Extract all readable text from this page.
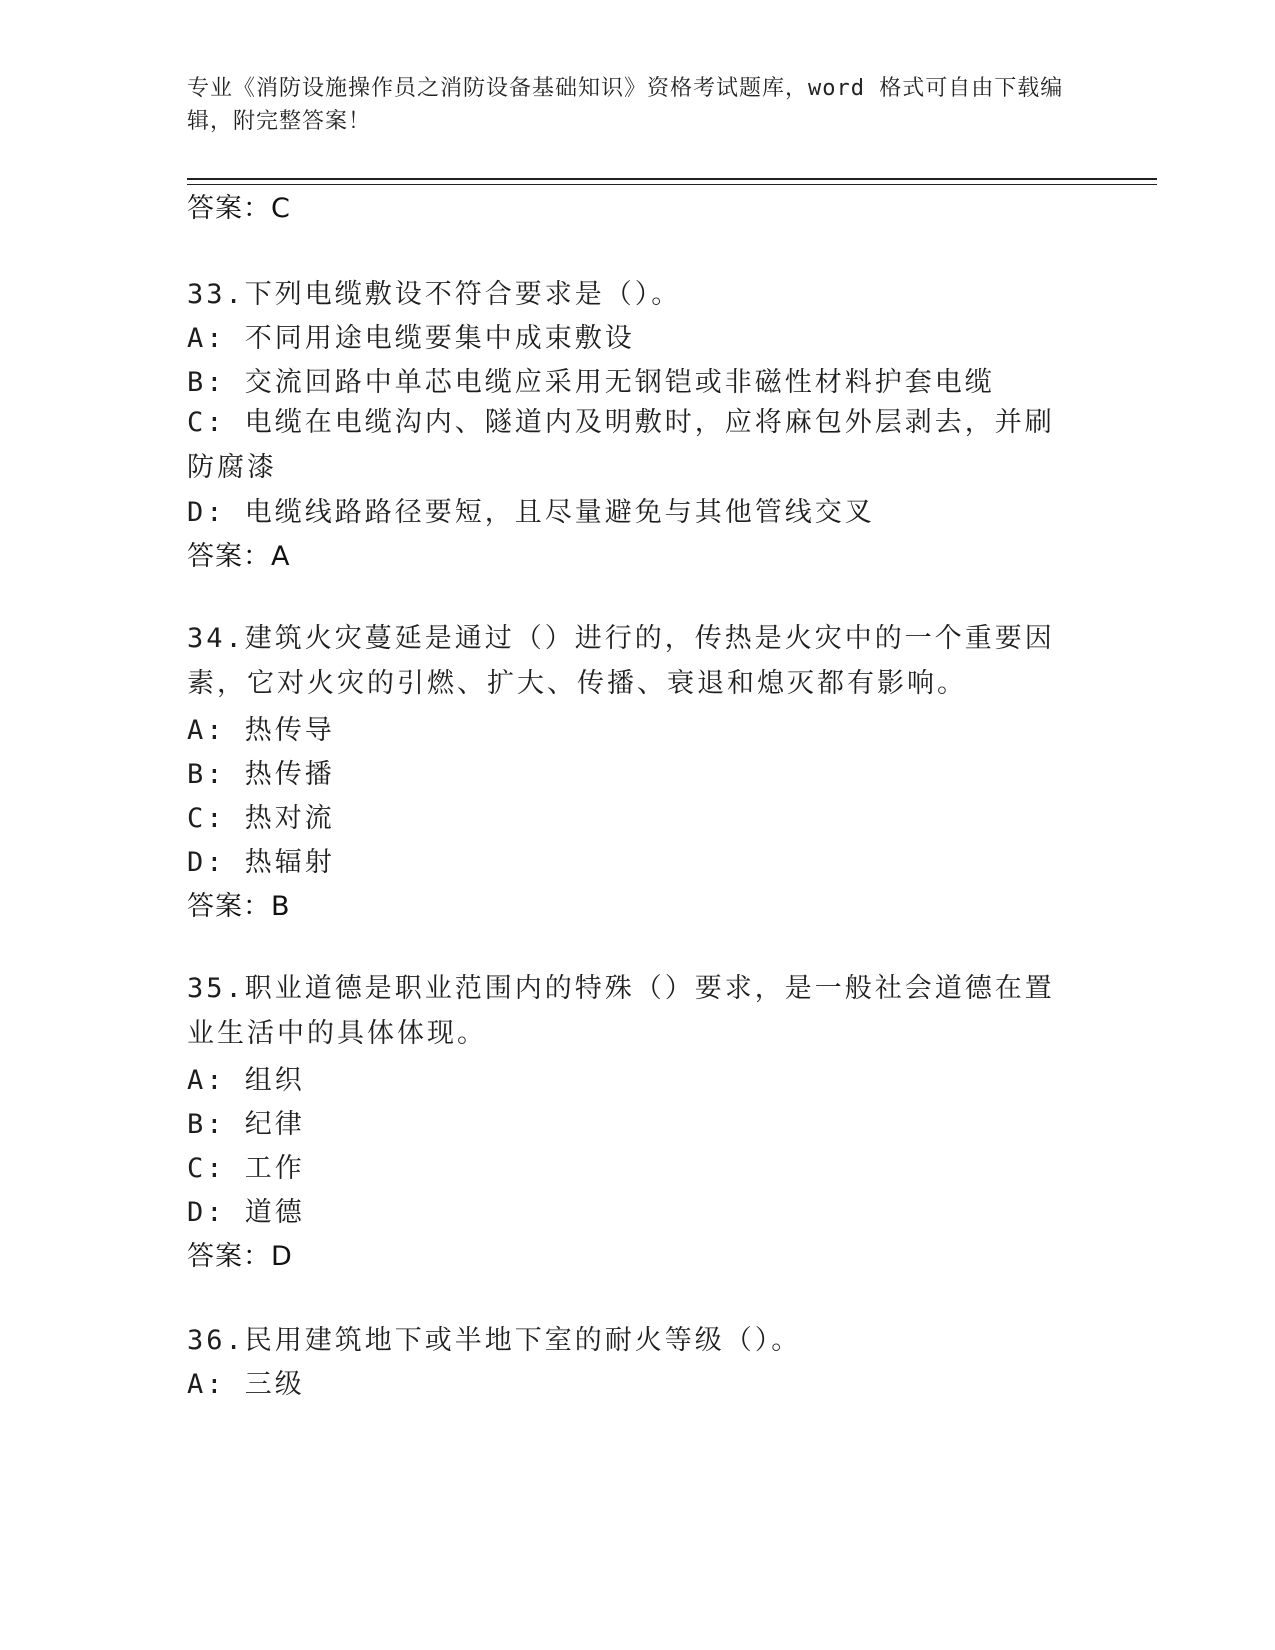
专业《消防设施操作员之消防设备基础知识》资格考试题库，word 格式可自由下载编辑，附完整答案！
答案：C
33.下列电缆敷设不符合要求是（）。
A: 不同用途电缆要集中成束敷设
B: 交流回路中单芯电缆应采用无钢铠或非磁性材料护套电缆
C: 电缆在电缆沟内、隧道内及明敷时，应将麻包外层剥去，并刷防腐漆
D: 电缆线路路径要短，且尽量避免与其他管线交叉
答案：A
34.建筑火灾蔓延是通过（）进行的，传热是火灾中的一个重要因素，它对火灾的引燃、扩大、传播、衰退和熄灭都有影响。
A: 热传导
B: 热传播
C: 热对流
D: 热辐射
答案：B
35.职业道德是职业范围内的特殊（）要求，是一般社会道德在置业生活中的具体体现。
A: 组织
B: 纪律
C: 工作
D: 道德
答案：D
36.民用建筑地下或半地下室的耐火等级（）。
A: 三级
